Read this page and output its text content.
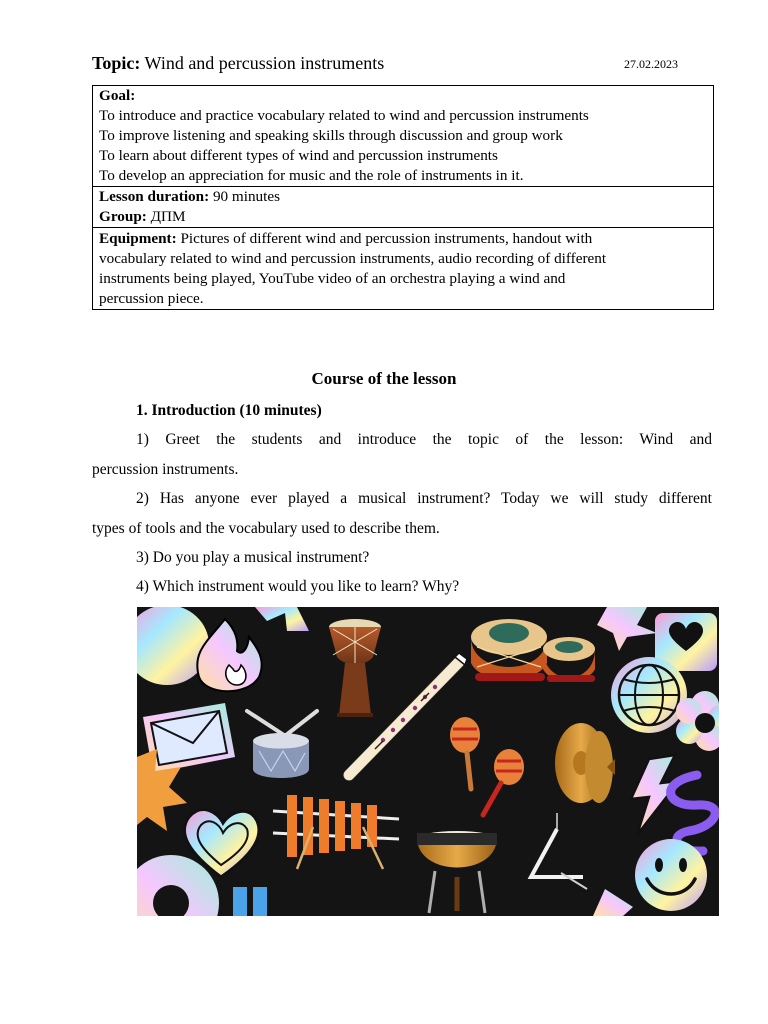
Topic: Wind and percussion instruments	27.02.2023
Goal:
To introduce and practice vocabulary related to wind and percussion instruments
To improve listening and speaking skills through discussion and group work
To learn about different types of wind and percussion instruments
To develop an appreciation for music and the role of instruments in it.

Lesson duration: 90 minutes
Group: ДПМ

Equipment: Pictures of different wind and percussion instruments, handout with
vocabulary related to wind and percussion instruments, audio recording of different
instruments being played, YouTube video of an orchestra playing a wind and
percussion piece.
Course of the lesson
1. Introduction (10 minutes)
1) Greet the students and introduce the topic of the lesson: Wind and
percussion instruments.
2) Has anyone ever played a musical instrument? Today we will study different
types of tools and the vocabulary used to describe them.
3) Do you play a musical instrument?
4) Which instrument would you like to learn? Why?
